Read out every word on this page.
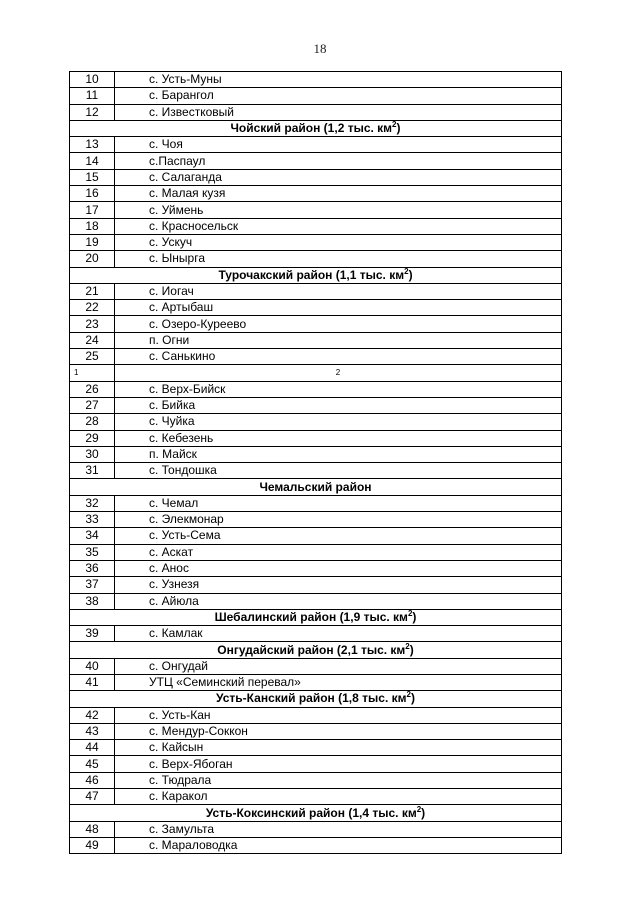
18
10	с. Усть-Муны
11	с. Барангол
12	с. Известковый
Чойский район (1,2 тыс. $км^2$)	
13	с. Чоя
14	с.Паспаул
15	с. Салаганда
16	с. Малая кузя
17	с. Уймень
18	с. Красносельск
19	с. Ускуч
20	с. Ынырга
Турочакский район (1,1 тыс. $км^2$)	
21	с. Иогач
22	с. Артыбаш
23	с. Озеро-Куреево
24	п. Огни
25	с. Санькино
1	2
26	с. Верх-Бийск
27	с. Бийка
28	с. Чуйка
29	с. Кебезень
30	п. Майск
31	с. Тондошка
Чемальский район	
32	с. Чемал
33	с. Элекмонар
34	с. Усть-Сема
35	с. Аскат
36	с. Анос
37	с. Узнезя
38	с. Айюла
Шебалинский район (1,9 тыс. $км^2$)	
39	с. Камлак
Онгудайский район (2,1 тыс. $км^2$)	
40	с. Онгудай
41	УТЦ «Семинский перевал»
Усть-Канский район (1,8 тыс. $км^2$)	
42	с. Усть-Кан
43	с. Мендур-Соккон
44	с. Кайсын
45	с. Верх-Ябоган
46	с. Тюдрала
47	с. Каракол
Усть-Коксинский район (1,4 тыс. $км^2$)	
48	с. Замульта
49	с. Мараловодка
